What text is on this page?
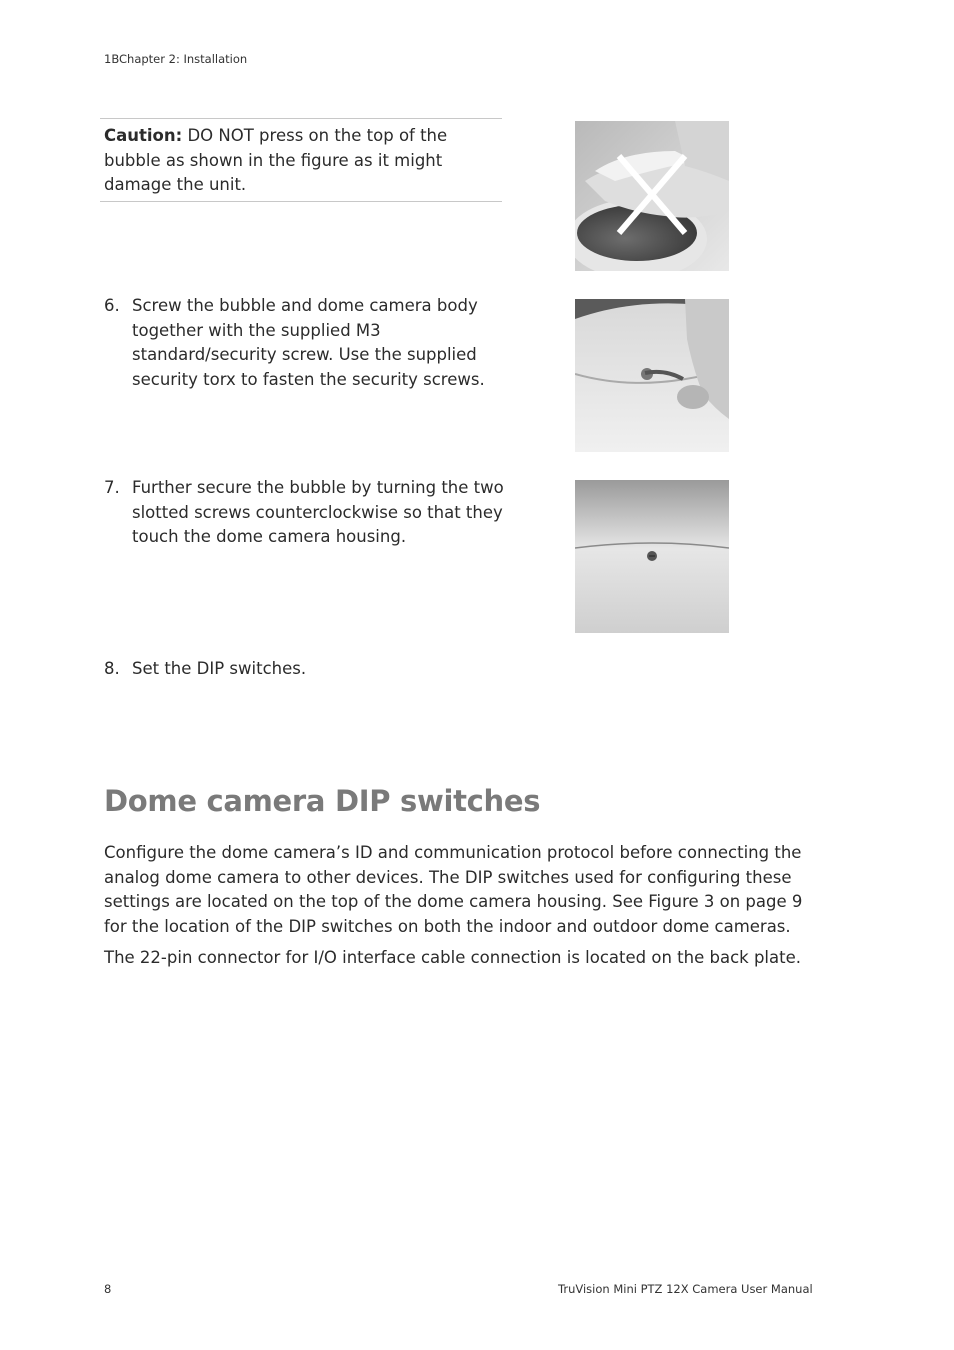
1BChapter 2: Installation
Caution: DO NOT press on the top of the bubble as shown in the figure as it might damage the unit.
6. Screw the bubble and dome camera body together with the supplied M3 standard/security screw. Use the supplied security torx to fasten the security screws.
7. Further secure the bubble by turning the two slotted screws counterclockwise so that they touch the dome camera housing.
8. Set the DIP switches.
Dome camera DIP switches
Configure the dome camera’s ID and communication protocol before connecting the analog dome camera to other devices. The DIP switches used for configuring these settings are located on the top of the dome camera housing. See Figure 3 on page 9 for the location of the DIP switches on both the indoor and outdoor dome cameras.
The 22-pin connector for I/O interface cable connection is located on the back plate.
8	TruVision Mini PTZ 12X Camera User Manual
